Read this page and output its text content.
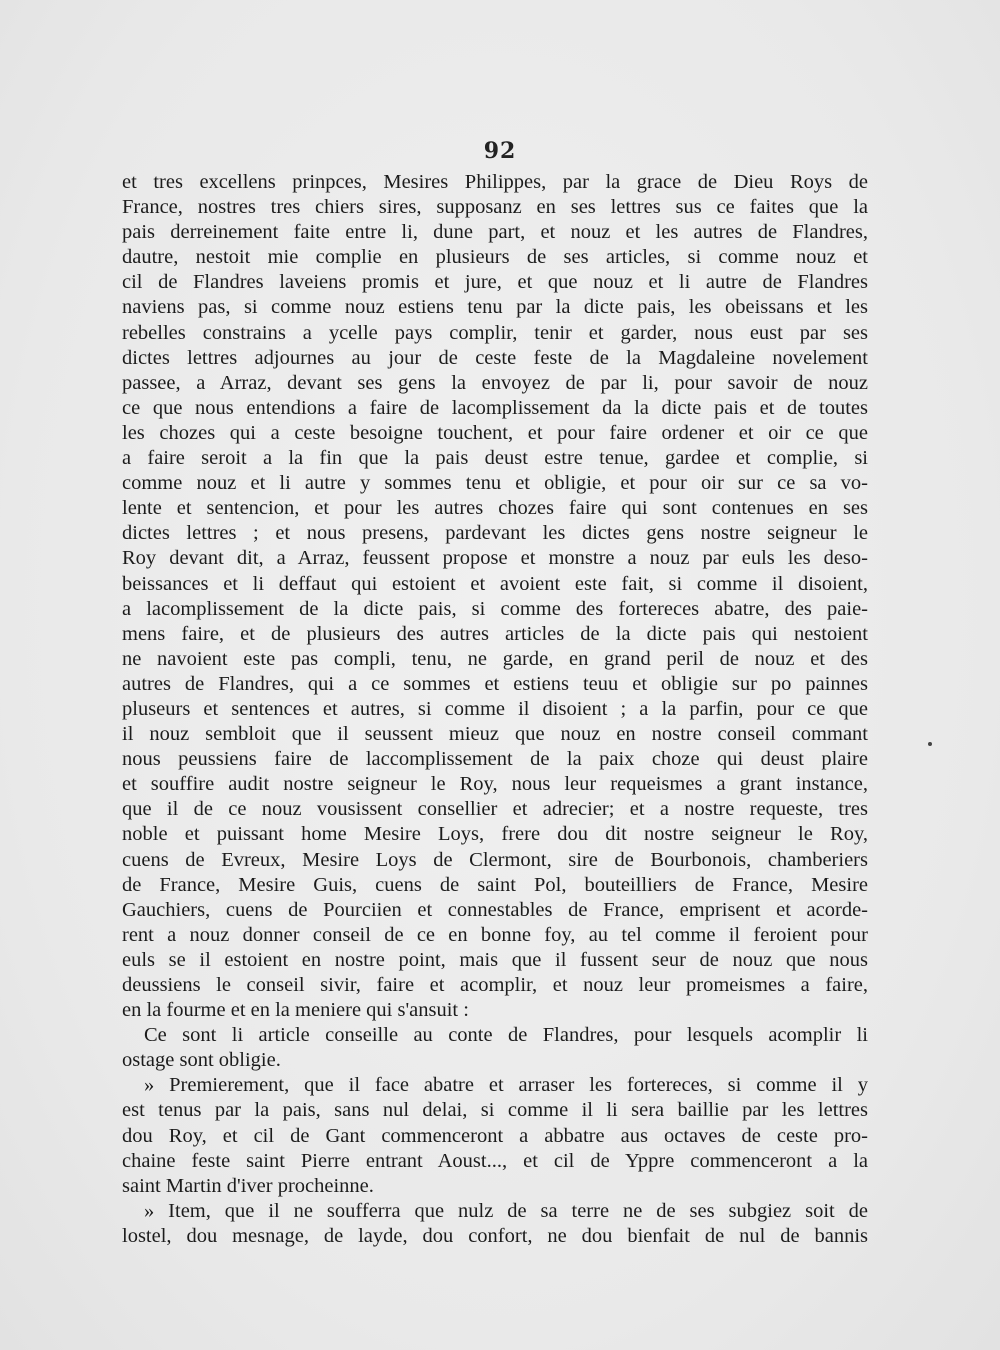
92
et tres excellens prinpces, Mesires Philippes, par la grace de Dieu Roys de
France, nostres tres chiers sires, supposanz en ses lettres sus ce faites que la
pais derreinement faite entre li, dune part, et nouz et les autres de Flandres,
dautre, nestoit mie complie en plusieurs de ses articles, si comme nouz et
cil de Flandres laveiens promis et jure, et que nouz et li autre de Flandres
naviens pas, si comme nouz estiens tenu par la dicte pais, les obeissans et les
rebelles constrains a ycelle pays complir, tenir et garder, nous eust par ses
dictes lettres adjournes au jour de ceste feste de la Magdaleine novelement
passee, a Arraz, devant ses gens la envoyez de par li, pour savoir de nouz
ce que nous entendions a faire de lacomplissement da la dicte pais et de toutes
les chozes qui a ceste besoigne touchent, et pour faire ordener et oir ce que
a faire seroit a la fin que la pais deust estre tenue, gardee et complie, si
comme nouz et li autre y sommes tenu et obligie, et pour oir sur ce sa vo-
lente et sentencion, et pour les autres chozes faire qui sont contenues en ses
dictes lettres ; et nous presens, pardevant les dictes gens nostre seigneur le
Roy devant dit, a Arraz, feussent propose et monstre a nouz par euls les deso-
beissances et li deffaut qui estoient et avoient este fait, si comme il disoient,
a lacomplissement de la dicte pais, si comme des fortereces abatre, des paie-
mens faire, et de plusieurs des autres articles de la dicte pais qui nestoient
ne navoient este pas compli, tenu, ne garde, en grand peril de nouz et des
autres de Flandres, qui a ce sommes et estiens teuu et obligie sur po painnes
pluseurs et sentences et autres, si comme il disoient ; a la parfin, pour ce que
il nouz sembloit que il seussent mieuz que nouz en nostre conseil commant
nous peussiens faire de laccomplissement de la paix choze qui deust plaire
et souffire audit nostre seigneur le Roy, nous leur requeismes a grant instance,
que il de ce nouz vousissent consellier et adrecier; et a nostre requeste, tres
noble et puissant home Mesire Loys, frere dou dit nostre seigneur le Roy,
cuens de Evreux, Mesire Loys de Clermont, sire de Bourbonois, chamberiers
de France, Mesire Guis, cuens de saint Pol, bouteilliers de France, Mesire
Gauchiers, cuens de Pourciien et connestables de France, emprisent et acorde-
rent a nouz donner conseil de ce en bonne foy, au tel comme il feroient pour
euls se il estoient en nostre point, mais que il fussent seur de nouz que nous
deussiens le conseil sivir, faire et acomplir, et nouz leur promeismes a faire,
en la fourme et en la meniere qui s'ansuit :
Ce sont li article conseille au conte de Flandres, pour lesquels acomplir li
ostage sont obligie.
» Premierement, que il face abatre et arraser les fortereces, si comme il y
est tenus par la pais, sans nul delai, si comme il li sera baillie par les lettres
dou Roy, et cil de Gant commenceront a abbatre aus octaves de ceste pro-
chaine feste saint Pierre entrant Aoust..., et cil de Yppre commenceront a la
saint Martin d'iver procheinne.
» Item, que il ne soufferra que nulz de sa terre ne de ses subgiez soit de
lostel, dou mesnage, de layde, dou confort, ne dou bienfait de nul de bannis
